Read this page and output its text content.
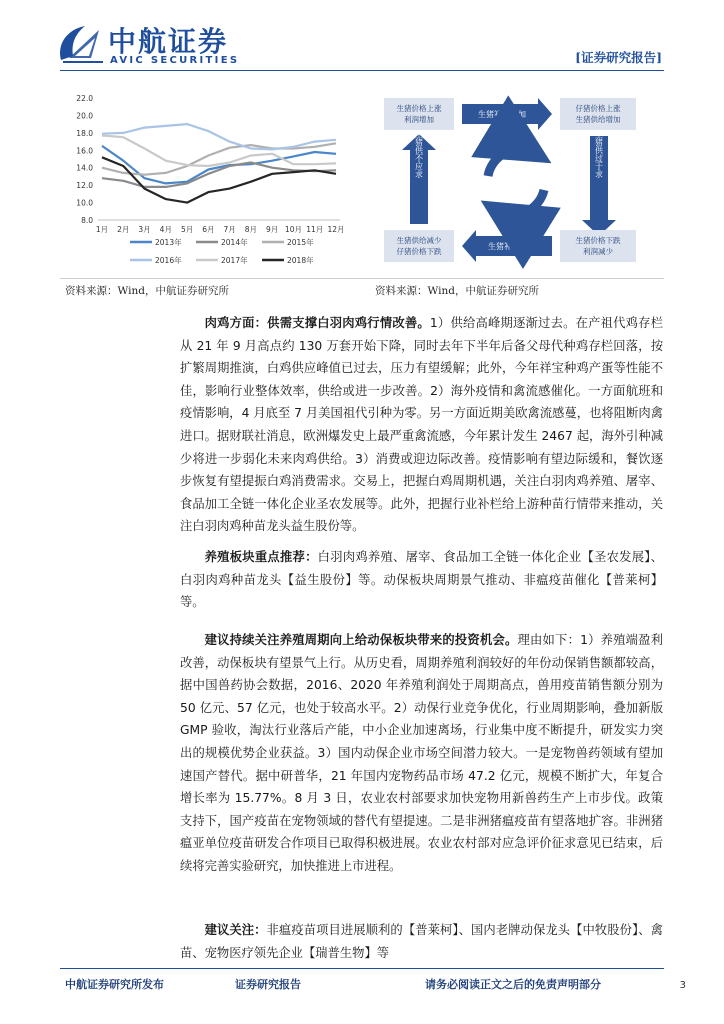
中航证券
AVIC SECURITIES	[证券研究报告]
22.0
20.0
18.0
16.0
14.0
12.0
10.0
8.0
1月 2月 3月 4月 5月 6月 7月 8月 9月 10月 11月 12月
2013年	2014年	2015年
2016年	2017年	2018年
生猪价格上涨利润增加
生猪补栏增加
仔猪价格上涨生猪供给增加
生猪供过于求
生猪价格下跌利润减少
生猪补栏减少
生猪供给减少仔猪价格下跌
生猪供不应求
资料来源：Wind，中航证券研究所	资料来源：Wind，中航证券研究所

肉鸡方面：供需支撑白羽肉鸡行情改善。1）供给高峰期逐渐过去。在产祖代鸡存栏从 21 年 9 月高点约 130 万套开始下降，同时去年下半年后备父母代种鸡存栏回落，按扩繁周期推演，白鸡供应峰值已过去，压力有望缓解；此外，今年祥宝种鸡产蛋等性能不佳，影响行业整体效率，供给或进一步改善。2）海外疫情和禽流感催化。一方面航班和疫情影响，4 月底至 7 月美国祖代引种为零。另一方面近期美欧禽流感蔓，也将阻断肉禽进口。据财联社消息，欧洲爆发史上最严重禽流感，今年累计发生 2467 起，海外引种减少将进一步弱化未来肉鸡供给。3）消费或迎边际改善。疫情影响有望边际缓和，餐饮逐步恢复有望提振白鸡消费需求。交易上，把握白鸡周期机遇，关注白羽肉鸡养殖、屠宰、食品加工全链一体化企业圣农发展等。此外，把握行业补栏给上游种苗行情带来推动，关注白羽肉鸡种苗龙头益生股份等。

养殖板块重点推荐：白羽肉鸡养殖、屠宰、食品加工全链一体化企业【圣农发展】、白羽肉鸡种苗龙头【益生股份】等。动保板块周期景气推动、非瘟疫苗催化【普莱柯】等。

建议持续关注养殖周期向上给动保板块带来的投资机会。理由如下：1）养殖端盈利改善，动保板块有望景气上行。从历史看，周期养殖利润较好的年份动保销售额都较高，据中国兽药协会数据，2016、2020 年养殖利润处于周期高点，兽用疫苗销售额分别为 50 亿元、57 亿元，也处于较高水平。2）动保行业竞争优化，行业周期影响，叠加新版 GMP 验收，淘汰行业落后产能，中小企业加速离场，行业集中度不断提升，研发实力突出的规模优势企业获益。3）国内动保企业市场空间潜力较大。一是宠物兽药领域有望加速国产替代。据中研普华，21 年国内宠物药品市场 47.2 亿元，规模不断扩大，年复合增长率为 15.77%。8 月 3 日，农业农村部要求加快宠物用新兽药生产上市步伐。政策支持下，国产疫苗在宠物领域的替代有望提速。二是非洲猪瘟疫苗有望落地扩容。非洲猪瘟亚单位疫苗研发合作项目已取得积极进展。农业农村部对应急评价征求意见已结束，后续将完善实验研究，加快推进上市进程。

建议关注：非瘟疫苗项目进展顺利的【普莱柯】、国内老牌动保龙头【中牧股份】、禽苗、宠物医疗领先企业【瑞普生物】等

中航证券研究所发布	证券研究报告	请务必阅读正文之后的免责声明部分	3
